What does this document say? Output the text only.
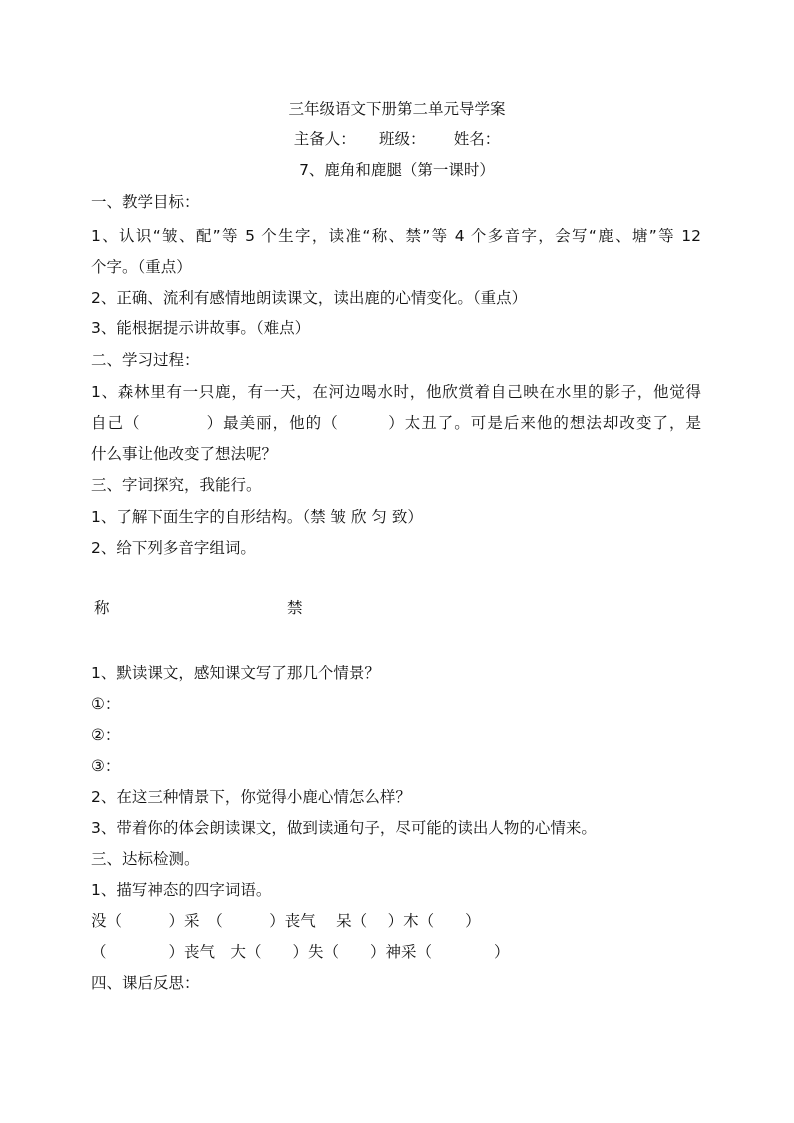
三年级语文下册第二单元导学案
主备人：　　班级：　　 姓名：
7、鹿角和鹿腿（第一课时）
一、教学目标：
1、认识“皱、配”等 5 个生字，读准“称、禁”等 4 个多音字，会写“鹿、塘”等 12
个字。（重点）
2、正确、流利有感情地朗读课文，读出鹿的心情变化。（重点）
3、能根据提示讲故事。（难点）
二、学习过程：
1、森林里有一只鹿，有一天，在河边喝水时，他欣赏着自己映在水里的影子，他觉得
自己（　　　　）最美丽，他的（　　　）太丑了。可是后来他的想法却改变了，是
什么事让他改变了想法呢？
三、字词探究，我能行。
1、了解下面生字的自形结构。（禁 皱 欣 匀 致）
2、给下列多音字组词。
称	禁
1、默读课文，感知课文写了那几个情景？
①：
②：
③：
2、在这三种情景下，你觉得小鹿心情怎么样？
3、带着你的体会朗读课文，做到读通句子，尽可能的读出人物的心情来。
三、达标检测。
1、描写神态的四字词语。
没（　　　）采　（　　　）丧气　 呆（　 ）木（　　）
（　　　　）丧气　大（　　）失（　　）神采（　　　　）
四、课后反思：
